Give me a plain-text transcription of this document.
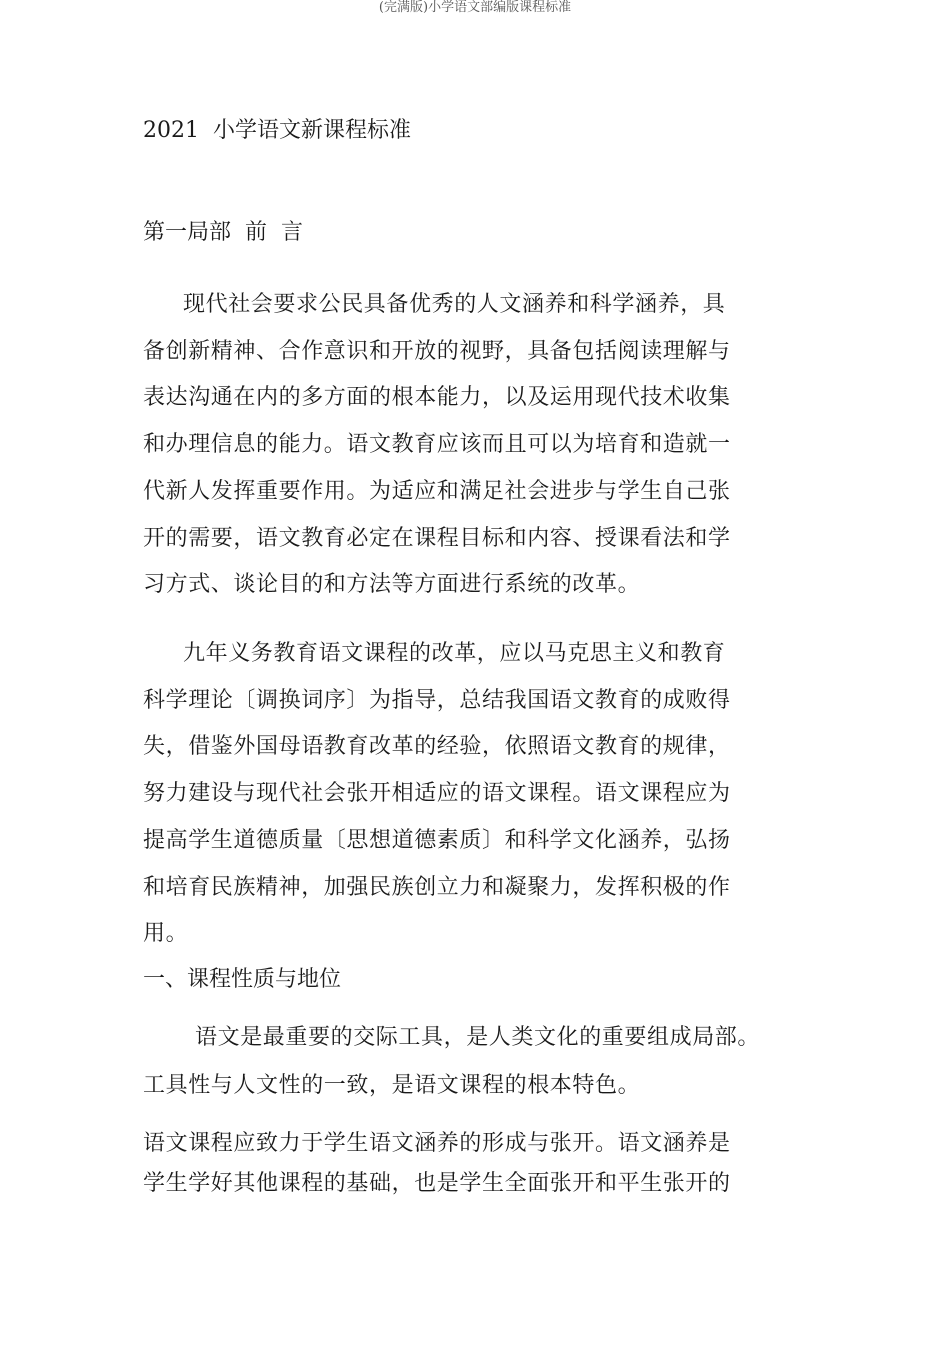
(完满版)小学语文部编版课程标准
2021  小学语文新课程标准
第一局部  前  言

现代社会要求公民具备优秀的人文涵养和科学涵养，具备创新精神、合作意识和开放的视野，具备包括阅读理解与表达沟通在内的多方面的根本能力，以及运用现代技术收集和办理信息的能力。语文教育应该而且可以为培育和造就一代新人发挥重要作用。为适应和满足社会进步与学生自己张开的需要，语文教育必定在课程目标和内容、授课看法和学习方式、谈论目的和方法等方面进行系统的改革。

九年义务教育语文课程的改革，应以马克思主义和教育科学理论〔调换词序〕为指导，总结我国语文教育的成败得失，借鉴外国母语教育改革的经验，依照语文教育的规律，努力建设与现代社会张开相适应的语文课程。语文课程应为提高学生道德质量〔思想道德素质〕和科学文化涵养，弘扬和培育民族精神，加强民族创立力和凝聚力，发挥积极的作用。

一、课程性质与地位

语文是最重要的交际工具，是人类文化的重要组成局部。工具性与人文性的一致，是语文课程的根本特色。

语文课程应致力于学生语文涵养的形成与张开。语文涵养是学生学好其他课程的基础，也是学生全面张开和平生张开的
